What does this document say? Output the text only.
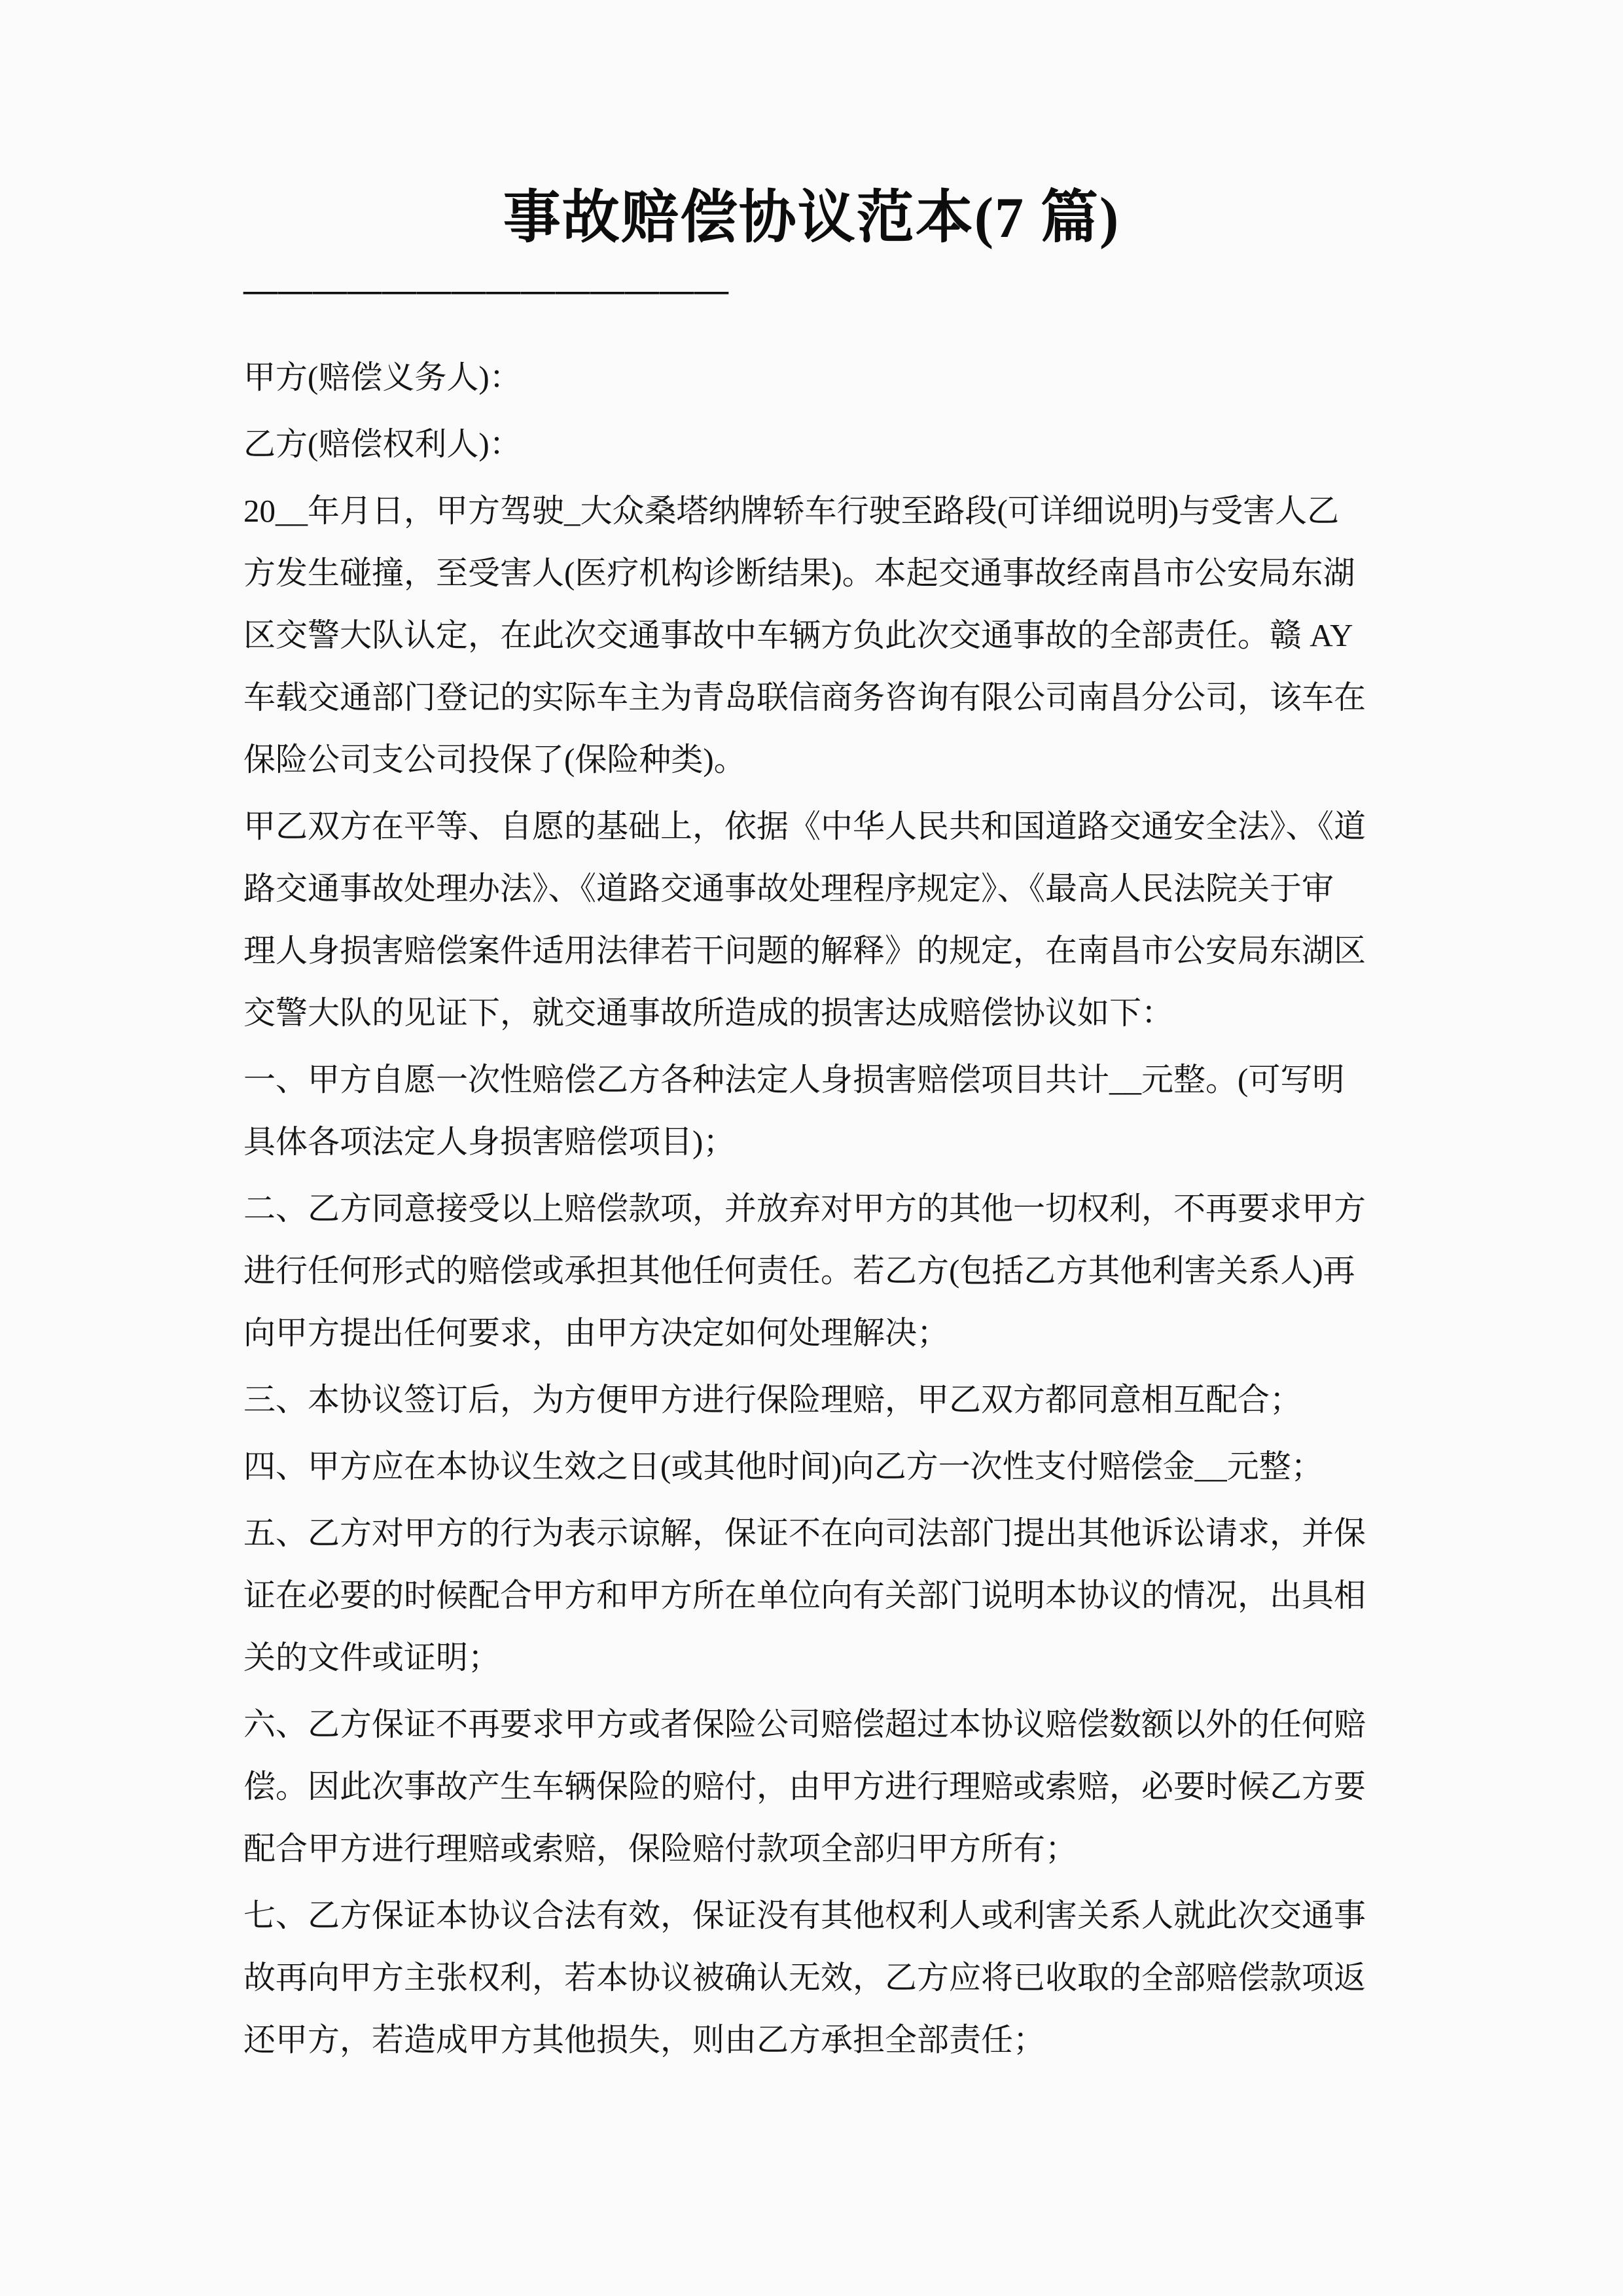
事故赔偿协议范本(7 篇)
——————————————

甲方(赔偿义务人)：

乙方(赔偿权利人)：

20__年月日，甲方驾驶_大众桑塔纳牌轿车行驶至路段(可详细说明)与受害人乙
方发生碰撞，至受害人(医疗机构诊断结果)。本起交通事故经南昌市公安局东湖
区交警大队认定，在此次交通事故中车辆方负此次交通事故的全部责任。赣 AY
车载交通部门登记的实际车主为青岛联信商务咨询有限公司南昌分公司，该车在
保险公司支公司投保了(保险种类)。

甲乙双方在平等、自愿的基础上，依据《中华人民共和国道路交通安全法》、《道
路交通事故处理办法》、《道路交通事故处理程序规定》、《最高人民法院关于审
理人身损害赔偿案件适用法律若干问题的解释》的规定，在南昌市公安局东湖区
交警大队的见证下，就交通事故所造成的损害达成赔偿协议如下：

一、甲方自愿一次性赔偿乙方各种法定人身损害赔偿项目共计__元整。(可写明
具体各项法定人身损害赔偿项目)；

二、乙方同意接受以上赔偿款项，并放弃对甲方的其他一切权利，不再要求甲方
进行任何形式的赔偿或承担其他任何责任。若乙方(包括乙方其他利害关系人)再
向甲方提出任何要求，由甲方决定如何处理解决；

三、本协议签订后，为方便甲方进行保险理赔，甲乙双方都同意相互配合；

四、甲方应在本协议生效之日(或其他时间)向乙方一次性支付赔偿金__元整；

五、乙方对甲方的行为表示谅解，保证不在向司法部门提出其他诉讼请求，并保
证在必要的时候配合甲方和甲方所在单位向有关部门说明本协议的情况，出具相
关的文件或证明；

六、乙方保证不再要求甲方或者保险公司赔偿超过本协议赔偿数额以外的任何赔
偿。因此次事故产生车辆保险的赔付，由甲方进行理赔或索赔，必要时候乙方要
配合甲方进行理赔或索赔，保险赔付款项全部归甲方所有；

七、乙方保证本协议合法有效，保证没有其他权利人或利害关系人就此次交通事
故再向甲方主张权利，若本协议被确认无效，乙方应将已收取的全部赔偿款项返
还甲方，若造成甲方其他损失，则由乙方承担全部责任；
